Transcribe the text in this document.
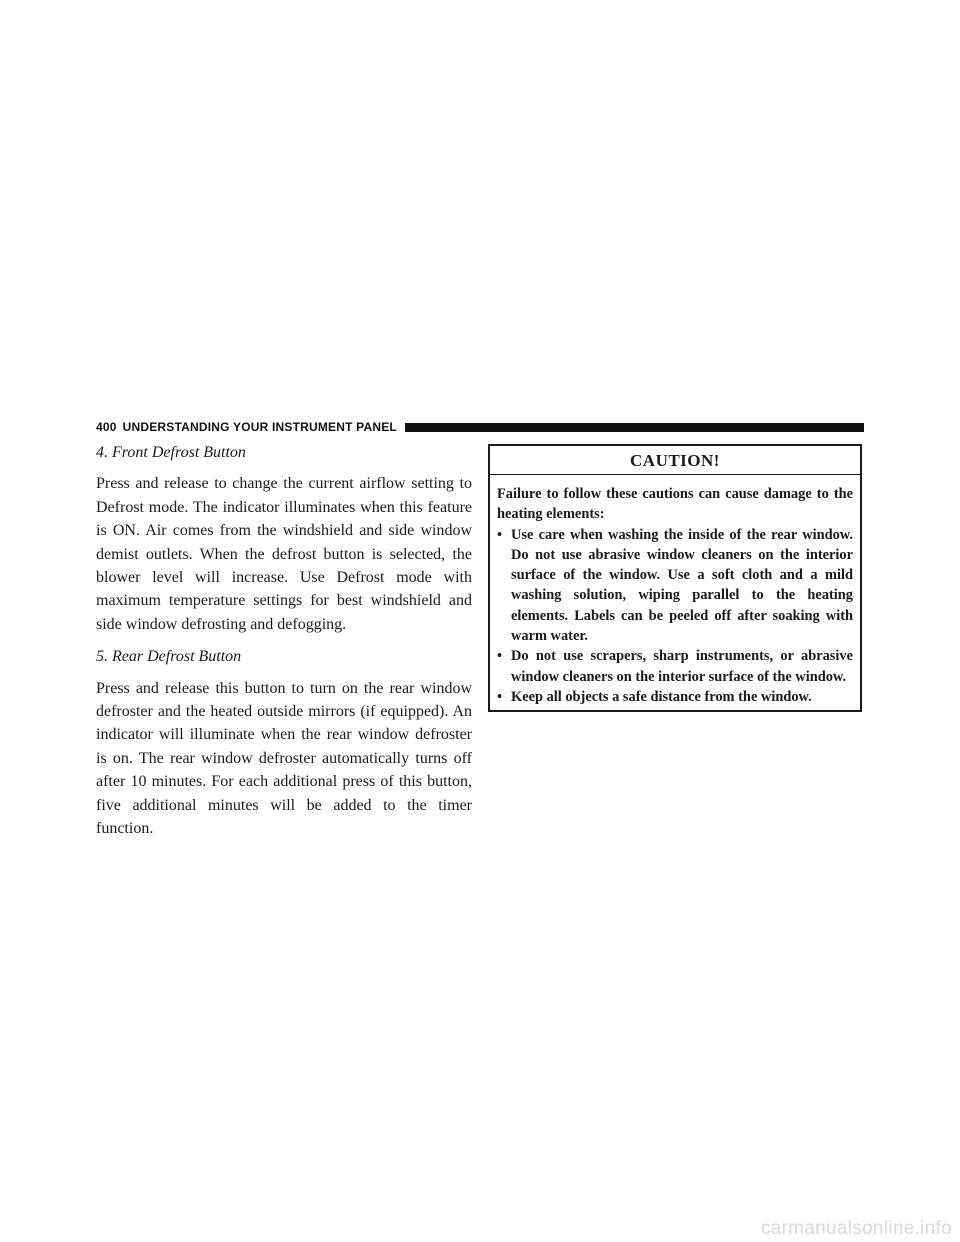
400 UNDERSTANDING YOUR INSTRUMENT PANEL
4. Front Defrost Button

Press and release to change the current airflow setting to Defrost mode. The indicator illuminates when this feature is ON. Air comes from the windshield and side window demist outlets. When the defrost button is selected, the blower level will increase. Use Defrost mode with maximum temperature settings for best windshield and side window defrosting and defogging.

5. Rear Defrost Button

Press and release this button to turn on the rear window defroster and the heated outside mirrors (if equipped). An indicator will illuminate when the rear window defroster is on. The rear window defroster automatically turns off after 10 minutes. For each additional press of this button, five additional minutes will be added to the timer function.

CAUTION!

Failure to follow these cautions can cause damage to the heating elements:

• Use care when washing the inside of the rear window. Do not use abrasive window cleaners on the interior surface of the window. Use a soft cloth and a mild washing solution, wiping parallel to the heating elements. Labels can be peeled off after soaking with warm water.
• Do not use scrapers, sharp instruments, or abrasive window cleaners on the interior surface of the window.
• Keep all objects a safe distance from the window.
carmanualsonline.info
